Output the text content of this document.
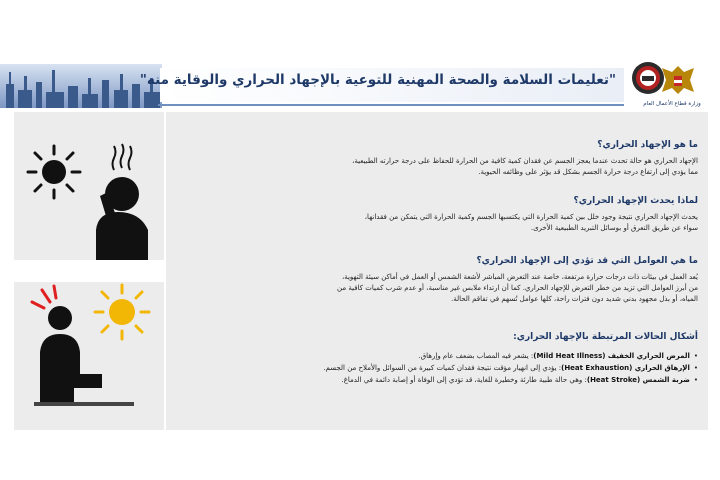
"تعليمات السلامة والصحة المهنية للتوعية بالإجهاد الحراري والوقاية منه"
وزارة قطاع الأعمال العام
ما هو الإجهاد الحراري؟
الإجهاد الحراري هو حالة تحدث عندما يعجز الجسم عن فقدان كمية كافية من الحرارة للحفاظ على درجة حرارته الطبيعية،
مما يؤدي إلى ارتفاع درجة حرارة الجسم بشكل قد يؤثر على وظائفه الحيوية.
لماذا يحدث الإجهاد الحراري؟
يحدث الإجهاد الحراري نتيجة وجود خلل بين كمية الحرارة التي يكتسبها الجسم وكمية الحرارة التي يتمكن من فقدانها،
سواء عن طريق التعرق أو بوسائل التبريد الطبيعية الأخرى.
ما هي العوامل التي قد تؤدي إلى الإجهاد الحراري؟
يُعد العمل في بيئات ذات درجات حرارة مرتفعة، خاصة عند التعرض المباشر لأشعة الشمس أو العمل في أماكن سيئة التهوية،
من أبرز العوامل التي تزيد من خطر التعرض للإجهاد الحراري. كما أن ارتداء ملابس غير مناسبة، أو عدم شرب كميات كافية من
المياه، أو بذل مجهود بدني شديد دون فترات راحة، كلها عوامل تُسهم في تفاقم الحالة.
أشكال الحالات المرتبطة بالإجهاد الحراري:
•المرض الحراري الخفيف (Mild Heat Illness): يشعر فيه المصاب بضعف عام وإرهاق.
•الإرهاق الحراري (Heat Exhaustion): يؤدي إلى انهيار مؤقت نتيجة فقدان كميات كبيرة من السوائل والأملاح من الجسم.
•ضربة الشمس (Heat Stroke): وهي حالة طبية طارئة وخطيرة للغاية، قد تؤدي إلى الوفاة أو إصابة دائمة في الدماغ.
